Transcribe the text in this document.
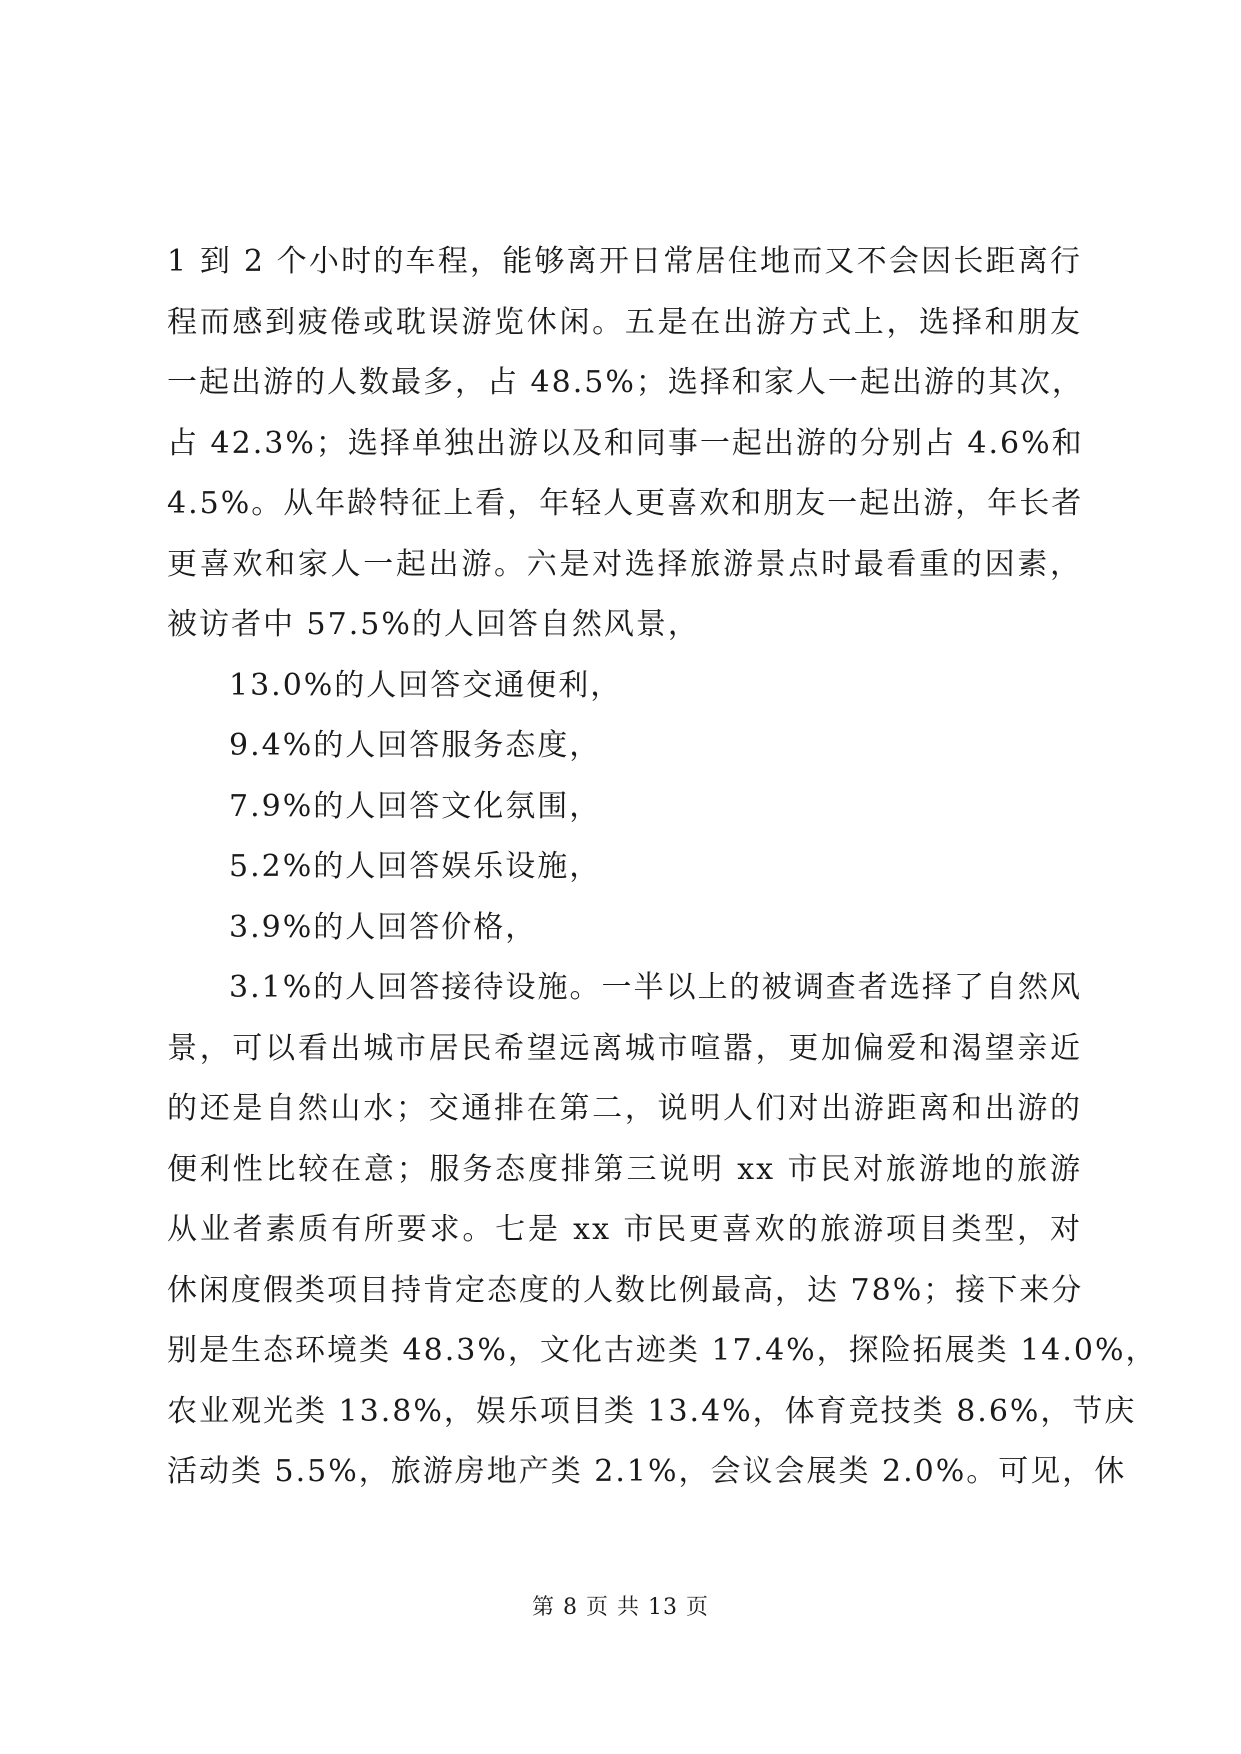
1 到 2 个小时的车程，能够离开日常居住地而又不会因长距离行
程而感到疲倦或耽误游览休闲。五是在出游方式上，选择和朋友
一起出游的人数最多，占 48.5%；选择和家人一起出游的其次，
占 42.3%；选择单独出游以及和同事一起出游的分别占 4.6%和
4.5%。从年龄特征上看，年轻人更喜欢和朋友一起出游，年长者
更喜欢和家人一起出游。六是对选择旅游景点时最看重的因素，
被访者中 57.5%的人回答自然风景，
13.0%的人回答交通便利，
9.4%的人回答服务态度，
7.9%的人回答文化氛围，
5.2%的人回答娱乐设施，
3.9%的人回答价格，
3.1%的人回答接待设施。一半以上的被调查者选择了自然风
景，可以看出城市居民希望远离城市喧嚣，更加偏爱和渴望亲近
的还是自然山水；交通排在第二，说明人们对出游距离和出游的
便利性比较在意；服务态度排第三说明 xx 市民对旅游地的旅游
从业者素质有所要求。七是 xx 市民更喜欢的旅游项目类型，对
休闲度假类项目持肯定态度的人数比例最高，达 78%；接下来分
别是生态环境类 48.3%，文化古迹类 17.4%，探险拓展类 14.0%，
农业观光类 13.8%，娱乐项目类 13.4%，体育竞技类 8.6%，节庆
活动类 5.5%，旅游房地产类 2.1%，会议会展类 2.0%。可见，休
第 8 页 共 13 页
